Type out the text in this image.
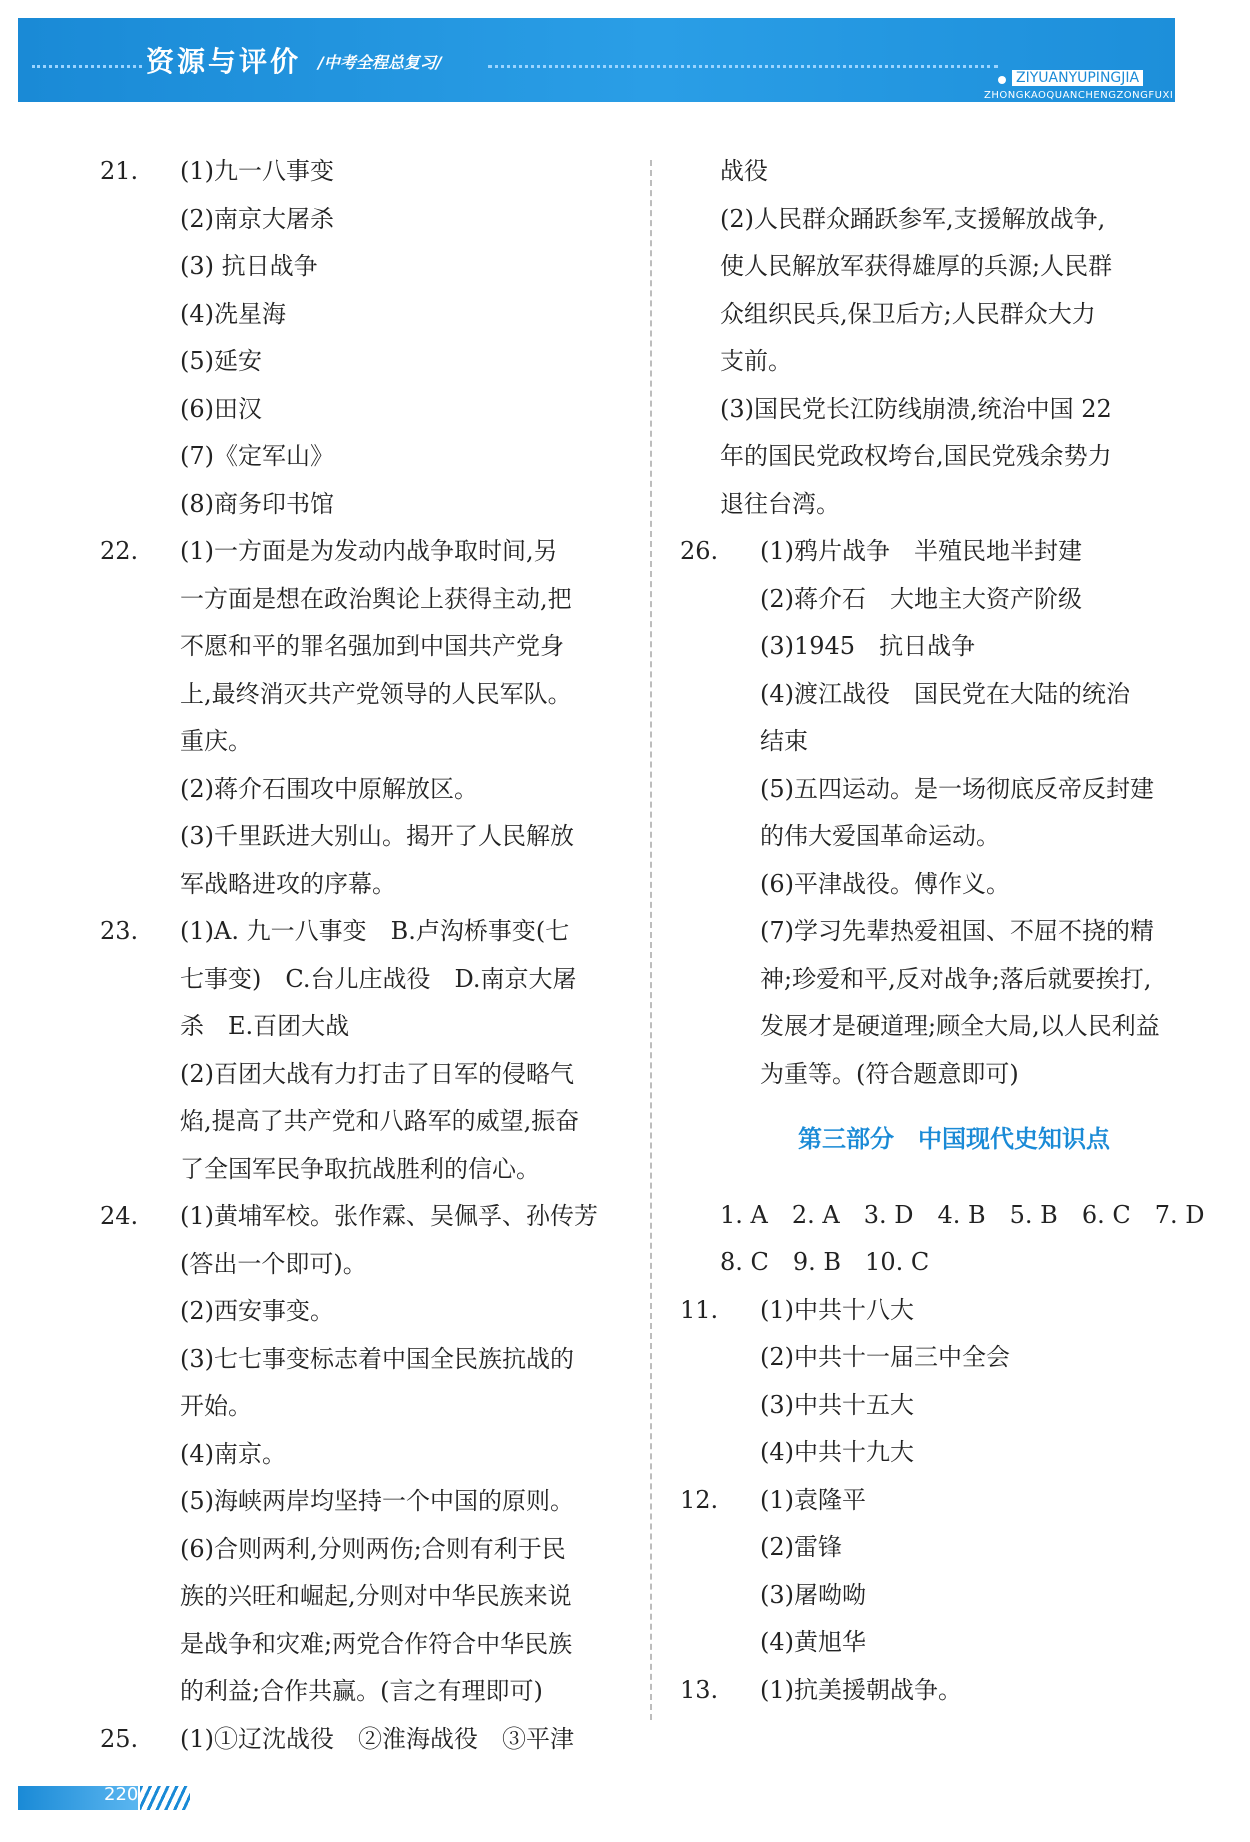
资源与评价 /中考全程总复习/
ZIYUANYUPINGJIA
ZHONGKAOQUANCHENGZONGFUXI
21.	(1)九一八事变
(2)南京大屠杀
(3) 抗日战争
(4)冼星海
(5)延安
(6)田汉
(7)《定军山》
(8)商务印书馆
22.	(1)一方面是为发动内战争取时间,另
一方面是想在政治舆论上获得主动,把
不愿和平的罪名强加到中国共产党身
上,最终消灭共产党领导的人民军队。
重庆。
(2)蒋介石围攻中原解放区。
(3)千里跃进大别山。揭开了人民解放
军战略进攻的序幕。
23.	(1)A. 九一八事变　B.卢沟桥事变(七
七事变)　C.台儿庄战役　D.南京大屠
杀　E.百团大战
(2)百团大战有力打击了日军的侵略气
焰,提高了共产党和八路军的威望,振奋
了全国军民争取抗战胜利的信心。
24.	(1)黄埔军校。张作霖、吴佩孚、孙传芳
(答出一个即可)。
(2)西安事变。
(3)七七事变标志着中国全民族抗战的
开始。
(4)南京。
(5)海峡两岸均坚持一个中国的原则。
(6)合则两利,分则两伤;合则有利于民
族的兴旺和崛起,分则对中华民族来说
是战争和灾难;两党合作符合中华民族
的利益;合作共赢。(言之有理即可)
25.	(1)①辽沈战役　②淮海战役　③平津
战役
(2)人民群众踊跃参军,支援解放战争,
使人民解放军获得雄厚的兵源;人民群
众组织民兵,保卫后方;人民群众大力
支前。
(3)国民党长江防线崩溃,统治中国 22
年的国民党政权垮台,国民党残余势力
退往台湾。
26.	(1)鸦片战争　半殖民地半封建
(2)蒋介石　大地主大资产阶级
(3)1945　抗日战争
(4)渡江战役　国民党在大陆的统治
结束
(5)五四运动。是一场彻底反帝反封建
的伟大爱国革命运动。
(6)平津战役。傅作义。
(7)学习先辈热爱祖国、不屈不挠的精
神;珍爱和平,反对战争;落后就要挨打,
发展才是硬道理;顾全大局,以人民利益
为重等。(符合题意即可)
第三部分　中国现代史知识点
1. A　2. A　3. D　4. B　5. B　6. C　7. D
8. C　9. B　10. C
11.	(1)中共十八大
(2)中共十一届三中全会
(3)中共十五大
(4)中共十九大
12.	(1)袁隆平
(2)雷锋
(3)屠呦呦
(4)黄旭华
13.	(1)抗美援朝战争。
220
